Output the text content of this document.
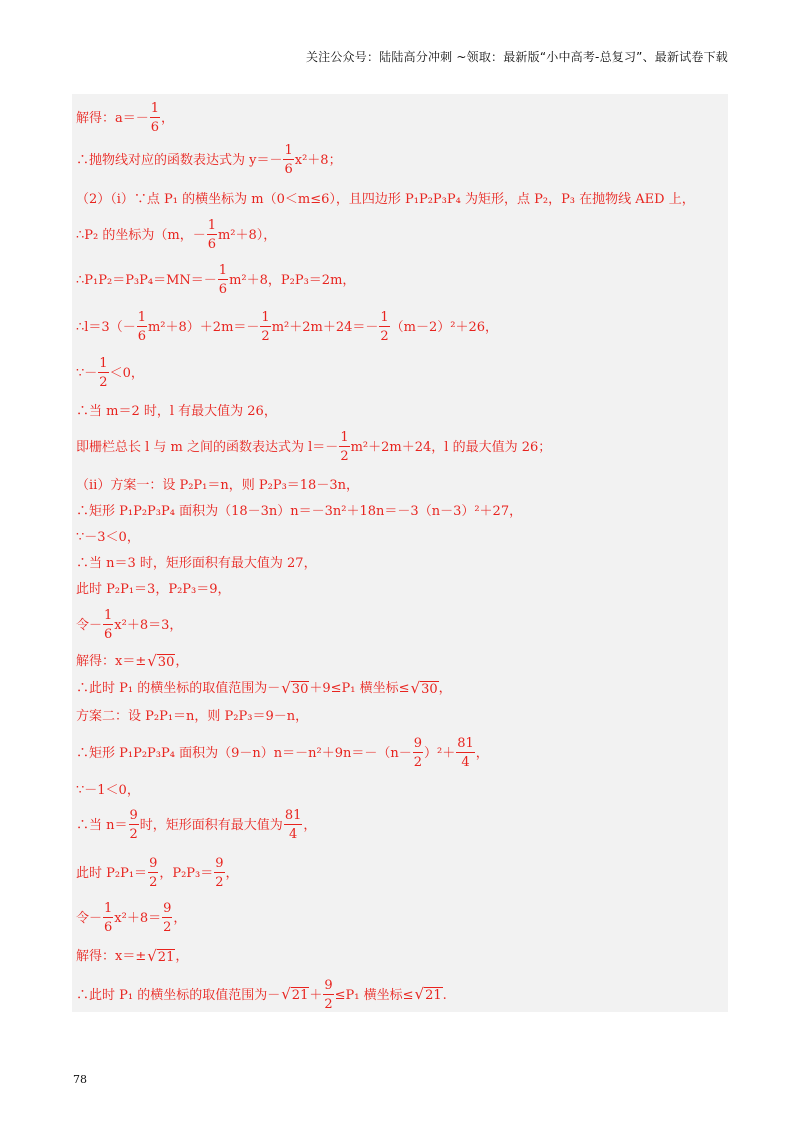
关注公众号：陆陆高分冲刺 ~领取：最新版“小中高考-总复习”、最新试卷下载
解得：$a=- \frac{1}{6}$ ，
∴抛物线对应的函数表达式为 $y=- \frac{1}{6} x^2+8$；
（2）（ⅰ）∵点 P₁ 的横坐标为 m（0＜m≤6），且四边形 P₁P₂P₃P₄ 为矩形，点 P₂，P₃ 在抛物线 AED 上，
∴P₂ 的坐标为（m，－ $\frac{1}{6} m^2+8$），
∴P₁P₂＝P₃P₄＝MN＝－ $\frac{1}{6} m^2+8$，P₂P₃＝2m，
∴l＝3（－ $\frac{1}{6} m^2+8)+2m=- \frac{1}{2} m^2+2m+24=- \frac{1}{2} (m-2)^2+26$，
∵－ $\frac{1}{2} <0$，
∴当 m＝2 时，l 有最大值为 26，
即栅栏总长 l 与 m 之间的函数表达式为 $l=- \frac{1}{2} m^2+2m+24$，l 的最大值为 26；
（ⅱ）方案一：设 P₂P₁＝n，则 P₂P₃＝18－3n，
∴矩形 P₁P₂P₃P₄ 面积为（18－3n）n＝－3n²＋18n＝－3（n－3）²＋27，
∵－3＜0，
∴当 n＝3 时，矩形面积有最大值为 27，
此时 P₂P₁＝3，P₂P₃＝9，
令－ $\frac{1}{6} x^2+8=3$，
解得：x＝± √ 30 ，
∴此时 P₁ 的横坐标的取值范围为－ √ 30 ＋9≤P₁ 横坐标≤ √ 30 ，
方案二：设 P₂P₁＝n，则 P₂P₃＝9－n，
∴矩形 P₁P₂P₃P₄ 面积为$(9-n)n=-n^2+9n=-(n- \frac{9}{2} )^2+ \frac{81}{4}$ ，
∵－1＜0，
∴当 $n= \frac{9}{2}$ 时，矩形面积有最大值为 $\frac{81}{4}$ ，
此时 $P_2P_1= \frac{9}{2}$ ，$P_2P_3= \frac{9}{2}$ ，
令－ $\frac{1}{6} x^2+8= \frac{9}{2}$ ，
解得：x＝± √ 21 ，
∴此时 P₁ 的横坐标的取值范围为－ √ $21 + \frac{9}{2} \le P_1$ 横坐标≤ √ 21 .
78
